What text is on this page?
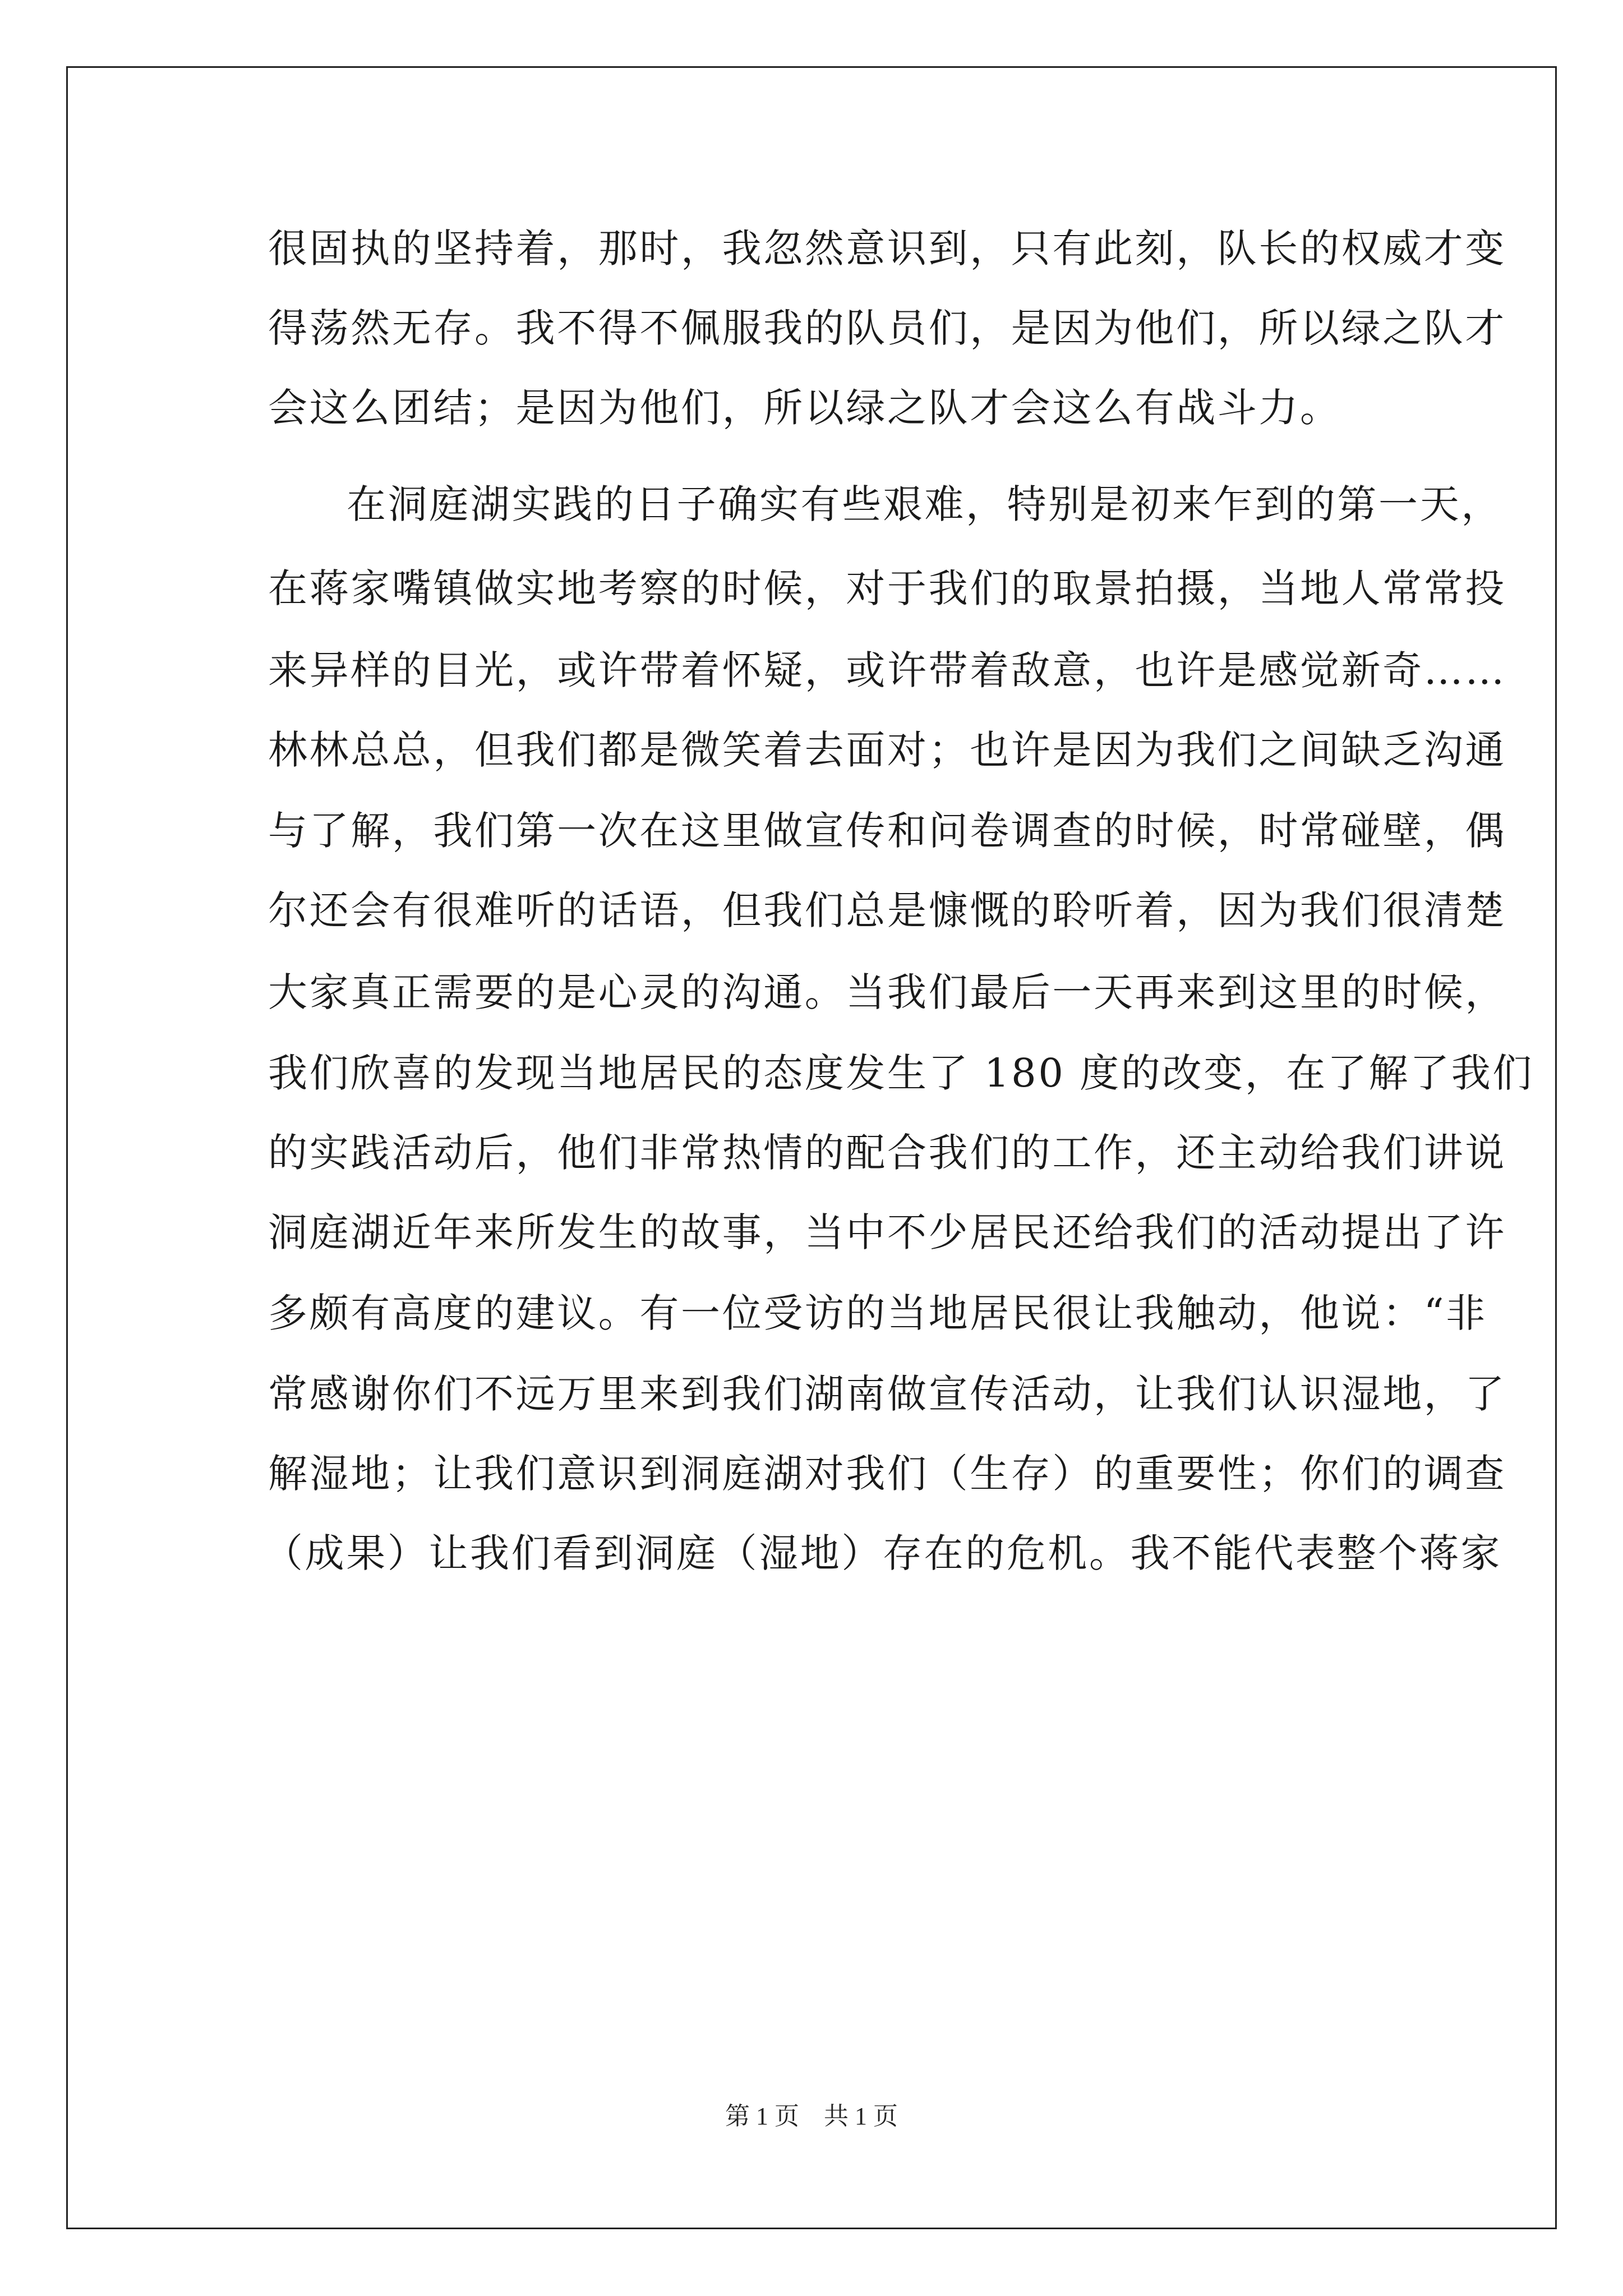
很固执的坚持着，那时，我忽然意识到，只有此刻，队长的权威才变
得荡然无存。我不得不佩服我的队员们，是因为他们，所以绿之队才
会这么团结；是因为他们，所以绿之队才会这么有战斗力。
在洞庭湖实践的日子确实有些艰难，特别是初来乍到的第一天，
在蒋家嘴镇做实地考察的时候，对于我们的取景拍摄，当地人常常投
来异样的目光，或许带着怀疑，或许带着敌意，也许是感觉新奇……
林林总总，但我们都是微笑着去面对；也许是因为我们之间缺乏沟通
与了解，我们第一次在这里做宣传和问卷调查的时候，时常碰壁，偶
尔还会有很难听的话语，但我们总是慷慨的聆听着，因为我们很清楚
大家真正需要的是心灵的沟通。当我们最后一天再来到这里的时候，
我们欣喜的发现当地居民的态度发生了 180 度的改变，在了解了我们
的实践活动后，他们非常热情的配合我们的工作，还主动给我们讲说
洞庭湖近年来所发生的故事，当中不少居民还给我们的活动提出了许
多颇有高度的建议。有一位受访的当地居民很让我触动，他说：“非
常感谢你们不远万里来到我们湖南做宣传活动，让我们认识湿地，了
解湿地；让我们意识到洞庭湖对我们（生存）的重要性；你们的调查
（成果）让我们看到洞庭（湿地）存在的危机。我不能代表整个蒋家
第 1 页 共 1 页
